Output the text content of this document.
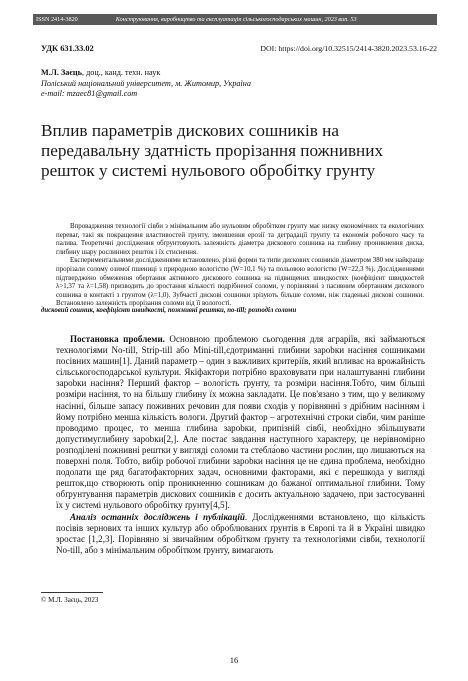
ISSN 2414-3820	Конструювання, виробництво та експлуатація сільськогосподарських машин, 2023 вип. 53
УДК 631.33.02	DOI: https://doi.org/10.32515/2414-3820.2023.53.16-22
М.Л. Заєць, доц., канд. техн. наук
Поліський національний університет, м. Житомир, Україна
e-mail: mzaec81@gmail.com
Вплив параметрів дискових сошників на передавальну здатність прорізання пожнивних решток у системі нульового обробітку грунту

Впровадження технології сівби з мінімальним або нульовим обробітком грунту має низку економічних та екологічних переваг, такі як покращення властивостей грунту, зменшення ерозії та деградації грунту та економія робочого часу та палива. Теоретичні дослідження обґрунтовують залежність діаметра дискового сошника на глибину проникнення диска, глибину шару рослинних решток і їх стиснення.

Експериментальними дослідженнями встановлено, різні форми та типи дискових сошників діаметром 380 мм найкраще прорізали солому озимої пшениці з природною вологістю (W=10,1 %) та польовою вологістю (W=22,3 %). Дослідженнями підтверджено обмеження обертання активного дискового сошника на підвищених швидкостях (коефіцієнт швидкостей λ>1,37 та λ=1,58) призводить до зростання кількості подрібненої соломи, у порівнянні з пасивним обертанням дискового сошника в контакті з грунтом (λ=1,0). Зубчасті дискові сошники зрізують більше соломи, ніж гладенькі дискові сошники. Встановлено залежність прорізання соломи від її вологості.

дисковий сошник, коефіцієнт швидкості, пожнивні рештки, no-till; розподіл соломи

Постановка проблеми. Основною проблемою сьогодення для аграріїв, які займаються технологіями No-till, Strip-till або Mini-till,єдотриманні глибини зароbки насіння сошниками посівних машин[1]. Даний параметр – один з важливих критеріїв, який впливає на врожайність сільськогосподарської культури. Якіфактори потрібно враховувати при налаштуванні глибини зароbки насіння? Перший фактор – вологість ґрунту, та розміри насіння.Тобто, чим більші розміри насіння, то на більшу глибину їх можна закладати. Це пов'язано з тим, що у великому насінні, більше запасу поживних речовин для появи сходів у порівнянні з дрібним насінням і йому потрібно менша кількість вологи. Другий фактор – агротехнічні строки сівби, чим раніше проводимо процес, то менша глибина зароbки, припізній сівбі, необхідно збільшувати допустимуглибину зароbки[2,]. Але постає завдання наступного характеру, це нерівномірно розподілені пожнивні рештки у вигляді соломи та стебла́ово частини рослин, що лишаються на поверхні поля. Тобто, вибір робочої глибини зароbки насіння це не єдина проблема, необхідно подолати ще ряд багатофакторних задач, основними факторами, які є перешкода у вигляді решток,що створюють опір проникненню сошникам до бажаної оптимальної глибини. Тому обґрунтування параметрів дискових сошників є досить актуальною задачею, при застосуванні їх у системі нульового обробітку ґрунту[4,5].

Аналіз останніх досліджень і публікацій. Дослідженнями встановлено, що кількість посівів зернових та інших культур або оброблюваних ґрунтів в Європі та й в Україні швидко зростає [1,2,3]. Порівняно зі звичайним обробітком ґрунту та технологіями сівби, технології No-till, або з мінімальним обробітком ґрунту, вимагають

© М.Л. Заєць, 2023
16
